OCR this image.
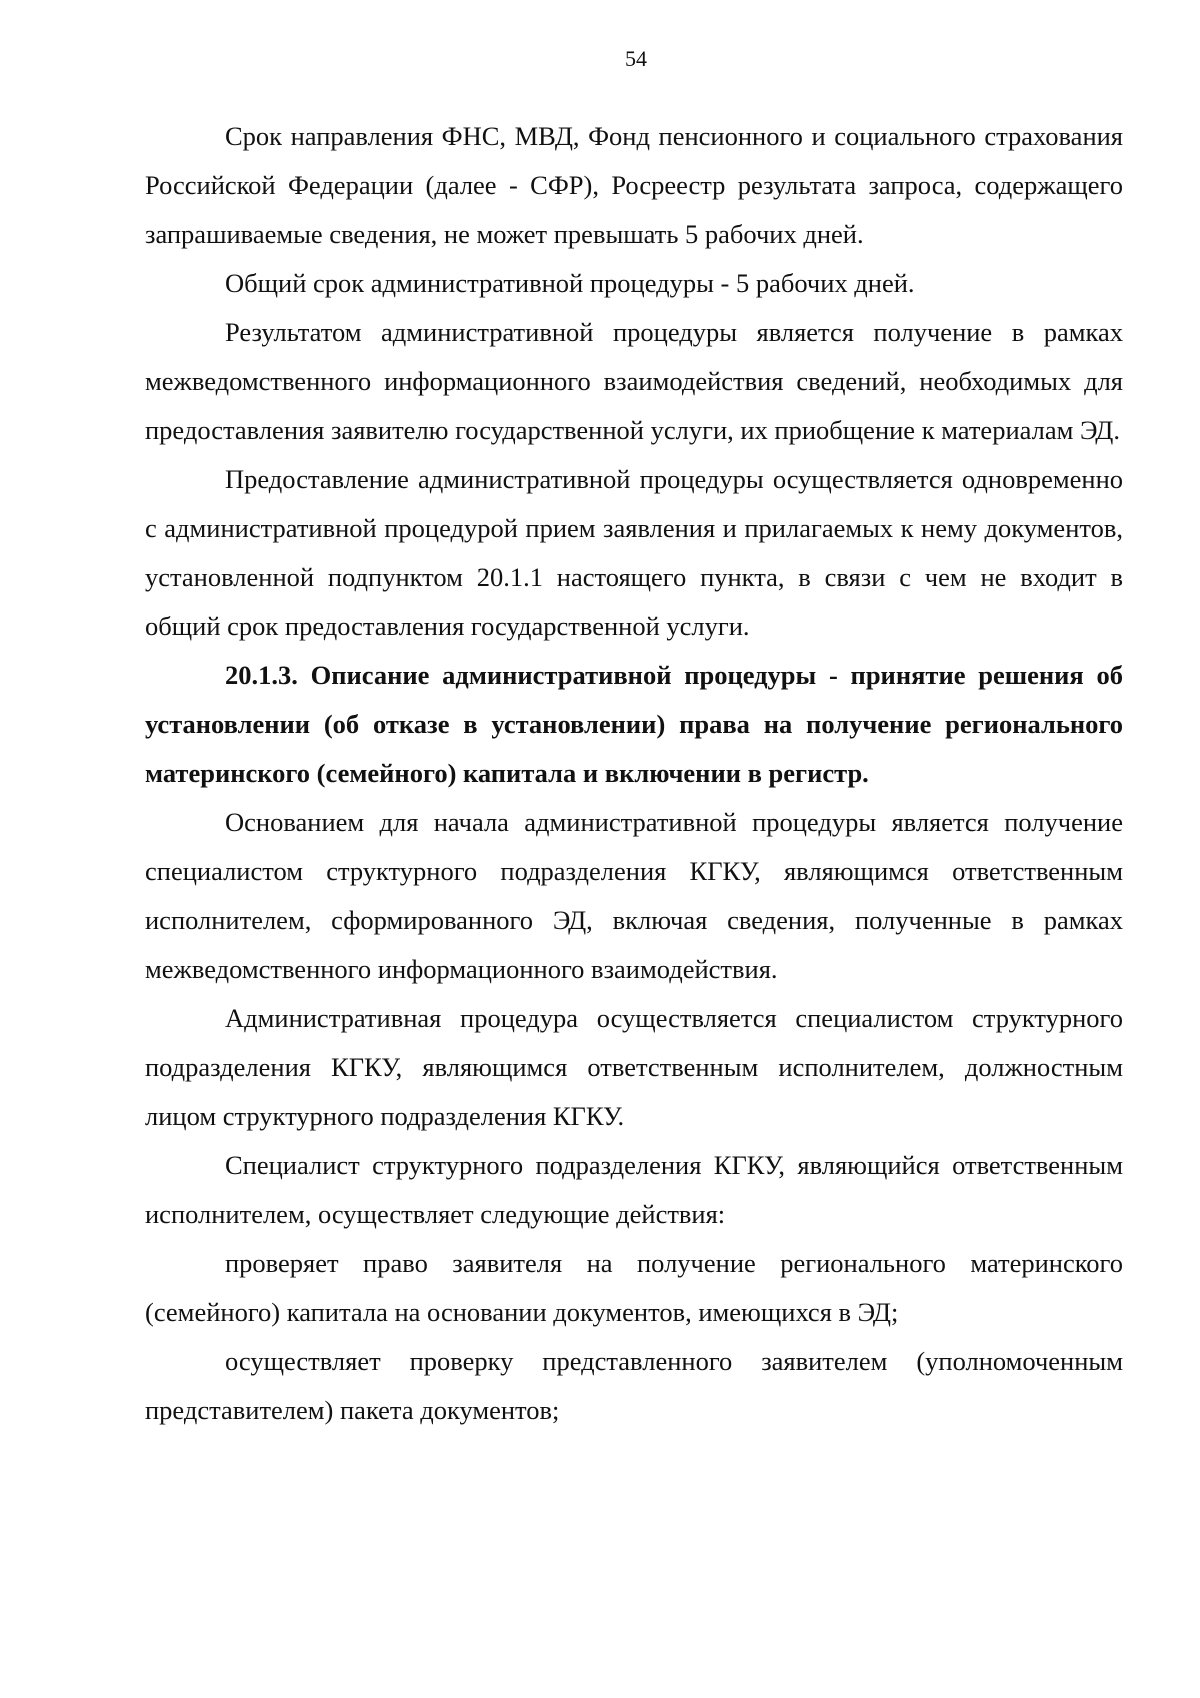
54

Срок направления ФНС, МВД, Фонд пенсионного и социального страхования Российской Федерации (далее - СФР), Росреестр результата запроса, содержащего запрашиваемые сведения, не может превышать 5 рабочих дней.

Общий срок административной процедуры - 5 рабочих дней.

Результатом административной процедуры является получение в рамках межведомственного информационного взаимодействия сведений, необходимых для предоставления заявителю государственной услуги, их приобщение к материалам ЭД.

Предоставление административной процедуры осуществляется одновременно с административной процедурой прием заявления и прилагаемых к нему документов, установленной подпунктом 20.1.1 настоящего пункта, в связи с чем не входит в общий срок предоставления государственной услуги.

20.1.3. Описание административной процедуры - принятие решения об установлении (об отказе в установлении) права на получение регионального материнского (семейного) капитала и включении в регистр.

Основанием для начала административной процедуры является получение специалистом структурного подразделения КГКУ, являющимся ответственным исполнителем, сформированного ЭД, включая сведения, полученные в рамках межведомственного информационного взаимодействия.

Административная процедура осуществляется специалистом структурного подразделения КГКУ, являющимся ответственным исполнителем, должностным лицом структурного подразделения КГКУ.

Специалист структурного подразделения КГКУ, являющийся ответственным исполнителем, осуществляет следующие действия:

проверяет право заявителя на получение регионального материнского (семейного) капитала на основании документов, имеющихся в ЭД;

осуществляет проверку представленного заявителем (уполномоченным представителем) пакета документов;
